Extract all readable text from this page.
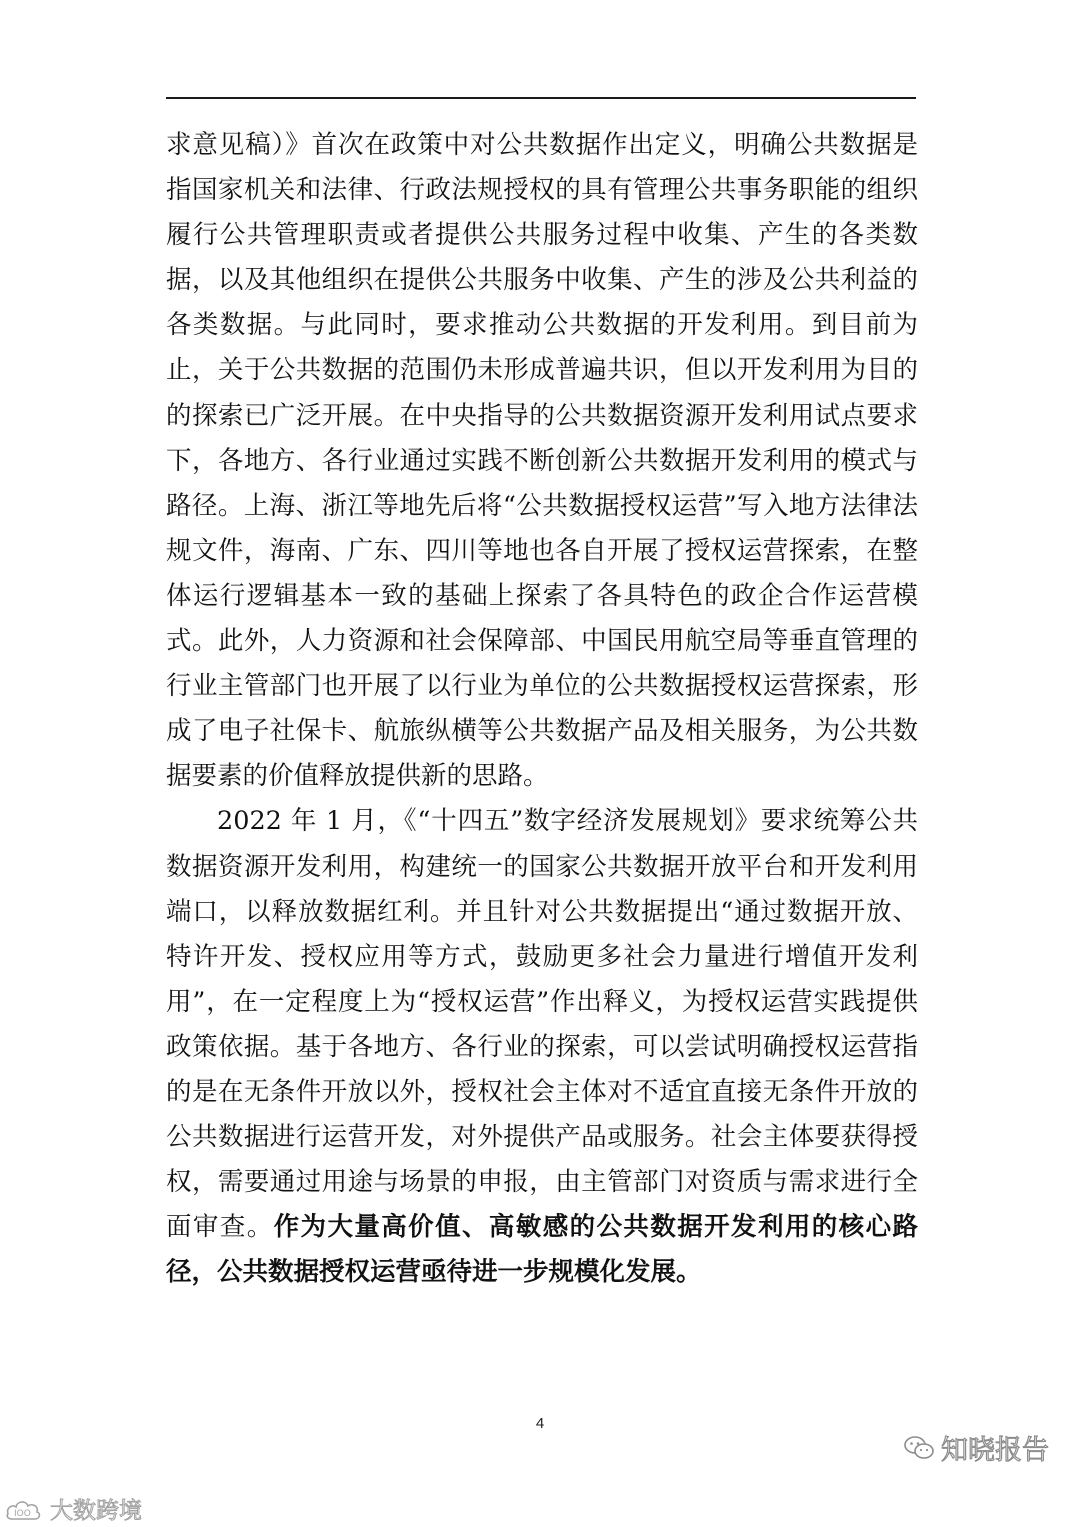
求意见稿）》首次在政策中对公共数据作出定义，明确公共数据是指国家机关和法律、行政法规授权的具有管理公共事务职能的组织履行公共管理职责或者提供公共服务过程中收集、产生的各类数据，以及其他组织在提供公共服务中收集、产生的涉及公共利益的各类数据。与此同时，要求推动公共数据的开发利用。到目前为止，关于公共数据的范围仍未形成普遍共识，但以开发利用为目的的探索已广泛开展。在中央指导的公共数据资源开发利用试点要求下，各地方、各行业通过实践不断创新公共数据开发利用的模式与路径。上海、浙江等地先后将“公共数据授权运营”写入地方法律法规文件，海南、广东、四川等地也各自开展了授权运营探索，在整体运行逻辑基本一致的基础上探索了各具特色的政企合作运营模式。此外，人力资源和社会保障部、中国民用航空局等垂直管理的行业主管部门也开展了以行业为单位的公共数据授权运营探索，形成了电子社保卡、航旅纵横等公共数据产品及相关服务，为公共数据要素的价值释放提供新的思路。

2022 年 1 月，《“十四五”数字经济发展规划》要求统筹公共数据资源开发利用，构建统一的国家公共数据开放平台和开发利用端口，以释放数据红利。并且针对公共数据提出“通过数据开放、特许开发、授权应用等方式，鼓励更多社会力量进行增值开发利用”，在一定程度上为“授权运营”作出释义，为授权运营实践提供政策依据。基于各地方、各行业的探索，可以尝试明确授权运营指的是在无条件开放以外，授权社会主体对不适宜直接无条件开放的公共数据进行运营开发，对外提供产品或服务。社会主体要获得授权，需要通过用途与场景的申报，由主管部门对资质与需求进行全面审查。作为大量高价值、高敏感的公共数据开发利用的核心路径，公共数据授权运营亟待进一步规模化发展。

4
IOO 大数跨境
知晓报告
